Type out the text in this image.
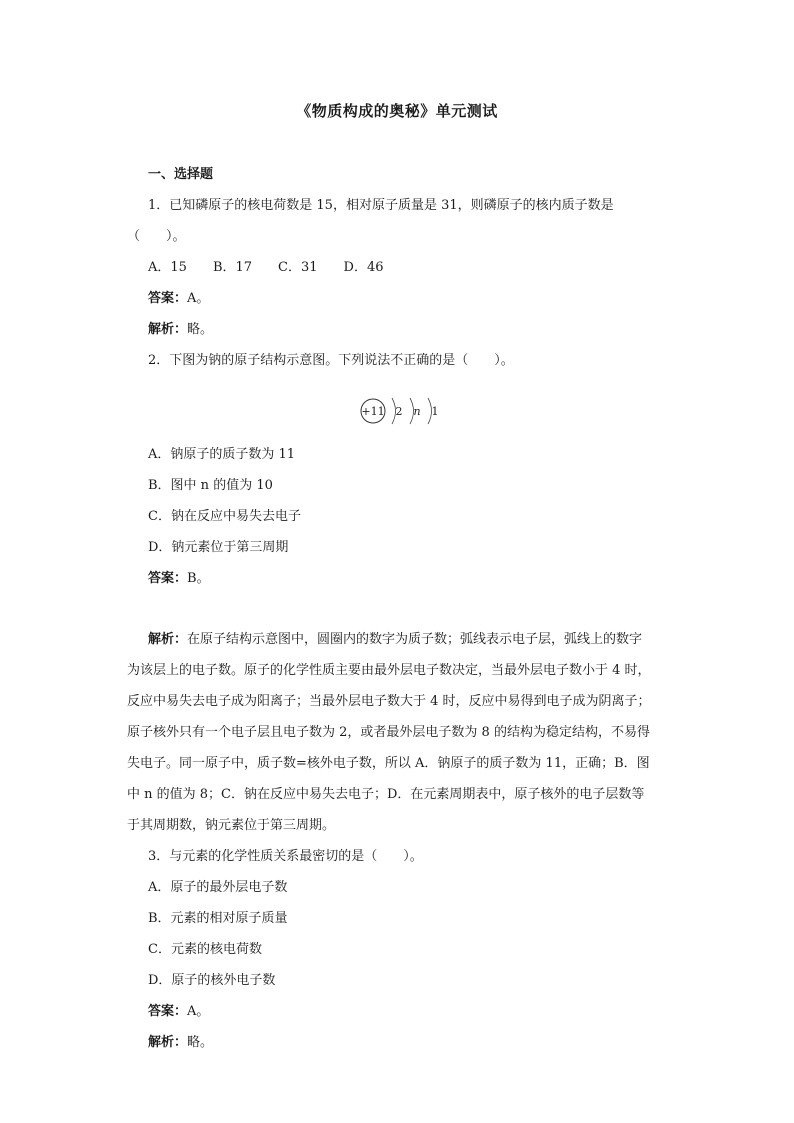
《物质构成的奥秘》单元测试
一、选择题
1．已知磷原子的核电荷数是 15，相对原子质量是 31，则磷原子的核内质子数是
（　　）。
A．15 B．17 C．31 D．46
答案：A。
解析：略。
2．下图为钠的原子结构示意图。下列说法不正确的是（　　）。
+11 2 n 1
A．钠原子的质子数为 11
B．图中 n 的值为 10
C．钠在反应中易失去电子
D．钠元素位于第三周期
答案：B。
解析：在原子结构示意图中，圆圈内的数字为质子数；弧线表示电子层，弧线上的数字
为该层上的电子数。原子的化学性质主要由最外层电子数决定，当最外层电子数小于 4 时，
反应中易失去电子成为阳离子；当最外层电子数大于 4 时，反应中易得到电子成为阴离子；
原子核外只有一个电子层且电子数为 2，或者最外层电子数为 8 的结构为稳定结构，不易得
失电子。同一原子中，质子数=核外电子数，所以 A．钠原子的质子数为 11，正确；B．图
中 n 的值为 8；C．钠在反应中易失去电子；D．在元素周期表中，原子核外的电子层数等
于其周期数，钠元素位于第三周期。
3．与元素的化学性质关系最密切的是（　　）。
A．原子的最外层电子数
B．元素的相对原子质量
C．元素的核电荷数
D．原子的核外电子数
答案：A。
解析：略。
